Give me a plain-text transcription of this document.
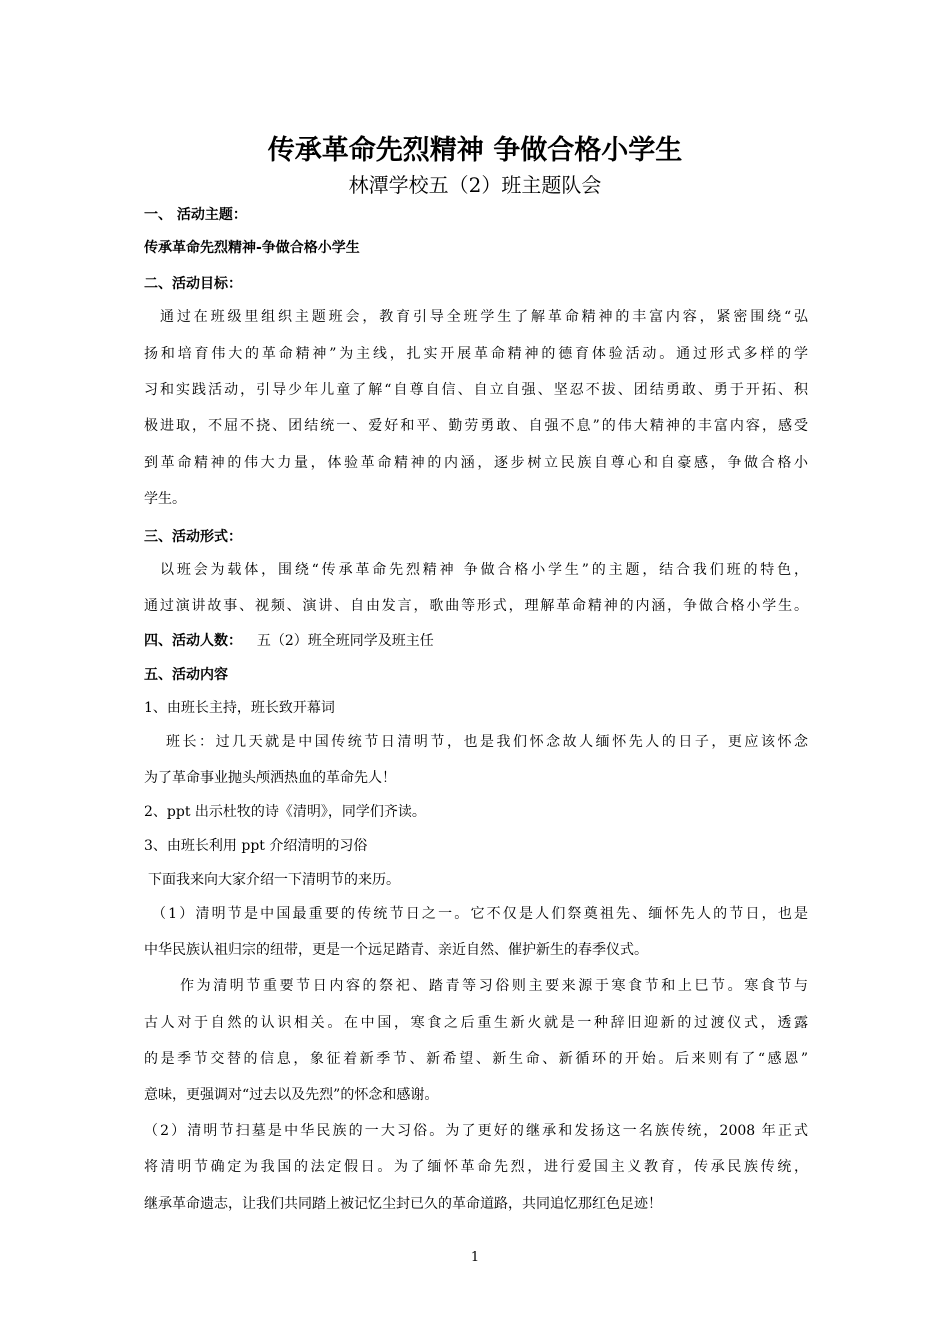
传承革命先烈精神 争做合格小学生
林潭学校五（2）班主题队会
一、 活动主题：
传承革命先烈精神-争做合格小学生
二、活动目标：
通过在班级里组织主题班会，教育引导全班学生了解革命精神的丰富内容，紧密围绕“弘
扬和培育伟大的革命精神”为主线，扎实开展革命精神的德育体验活动。通过形式多样的学
习和实践活动，引导少年儿童了解“自尊自信、自立自强、坚忍不拔、团结勇敢、勇于开拓、积
极进取，不屈不挠、团结统一、爱好和平、勤劳勇敢、自强不息”的伟大精神的丰富内容，感受
到革命精神的伟大力量，体验革命精神的内涵，逐步树立民族自尊心和自豪感，争做合格小
学生。
三、活动形式：
以班会为载体，围绕“传承革命先烈精神 争做合格小学生”的主题，结合我们班的特色，
通过演讲故事、视频、演讲、自由发言，歌曲等形式，理解革命精神的内涵，争做合格小学生。
四、活动人数： 五（2）班全班同学及班主任
五、活动内容
1、由班长主持，班长致开幕词
班长：过几天就是中国传统节日清明节，也是我们怀念故人缅怀先人的日子，更应该怀念
为了革命事业抛头颅洒热血的革命先人！
2、ppt 出示杜牧的诗《清明》，同学们齐读。
3、由班长利用 ppt 介绍清明的习俗
下面我来向大家介绍一下清明节的来历。
（1）清明节是中国最重要的传统节日之一。它不仅是人们祭奠祖先、缅怀先人的节日，也是
中华民族认祖归宗的纽带，更是一个远足踏青、亲近自然、催护新生的春季仪式。
作为清明节重要节日内容的祭祀、踏青等习俗则主要来源于寒食节和上巳节。寒食节与
古人对于自然的认识相关。在中国，寒食之后重生新火就是一种辞旧迎新的过渡仪式，透露
的是季节交替的信息，象征着新季节、新希望、新生命、新循环的开始。后来则有了“感恩”
意味，更强调对“过去以及先烈”的怀念和感谢。
（2）清明节扫墓是中华民族的一大习俗。为了更好的继承和发扬这一名族传统，2008 年正式
将清明节确定为我国的法定假日。为了缅怀革命先烈，进行爱国主义教育，传承民族传统，
继承革命遗志，让我们共同踏上被记忆尘封已久的革命道路，共同追忆那红色足迹！
1
